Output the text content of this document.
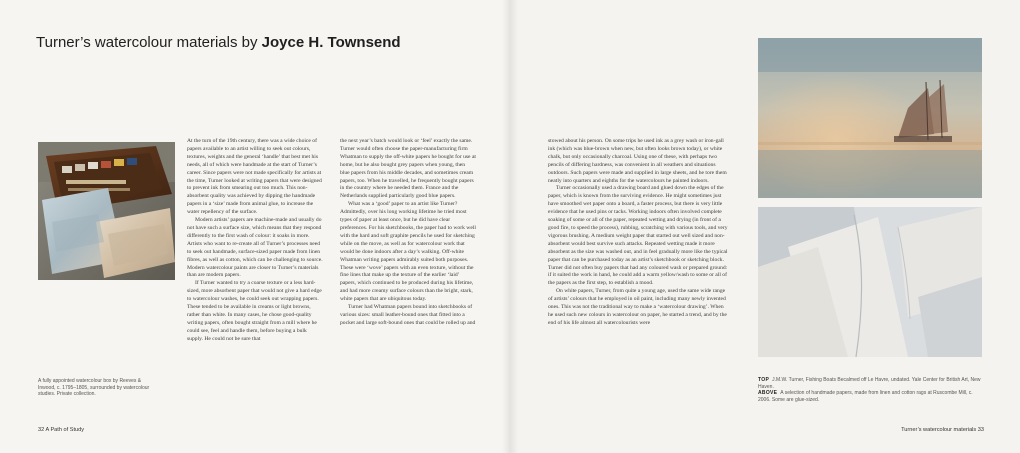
Turner’s watercolour materials by Joyce H. Townsend
A fully appointed watercolour box by Reeves & Inwood, c. 1795–1805, surrounded by watercolour studies. Private collection.

At the turn of the 19th century, there was a wide choice of papers available to an artist willing to seek out colours, textures, weights and the general ‘handle’ that best met his needs, all of which were handmade at the start of Turner’s career. Since papers were not made specifically for artists at the time, Turner looked at writing papers that were designed to prevent ink from smearing out too much. This non-absorbent quality was achieved by dipping the handmade papers in a ‘size’ made from animal glue, to increase the water repellency of the surface.

Modern artists’ papers are machine-made and usually do not have such a surface size, which means that they respond differently to the first wash of colour: it soaks in more. Artists who want to re-create all of Turner’s processes need to seek out handmade, surface-sized paper made from linen fibres, as well as cotton, which can be challenging to source. Modern watercolour paints are closer to Turner’s materials than are modern papers.

If Turner wanted to try a coarse texture or a less hard-sized, more absorbent paper that would not give a hard edge to watercolour washes, he could seek out wrapping papers. These tended to be available in creams or light browns, rather than white. In many cases, he chose good-quality writing papers, often bought straight from a mill where he could see, feel and handle them, before buying a bulk supply. He could not be sure that

the next year’s batch would look or ‘feel’ exactly the same. Turner would often choose the paper-manufacturing firm Whatman to supply the off-white papers he bought for use at home, but he also bought grey papers when young, then blue papers from his middle decades, and sometimes cream papers, too. When he travelled, he frequently bought papers in the country where he needed them. France and the Netherlands supplied particularly good blue papers.

What was a ‘good’ paper to an artist like Turner? Admittedly, over his long working lifetime he tried most types of paper at least once, but he did have clear preferences. For his sketchbooks, the paper had to work well with the hard and soft graphite pencils he used for sketching while on the move, as well as for watercolour work that would be done indoors after a day’s walking. Off-white Whatman writing papers admirably suited both purposes. These were ‘wove’ papers with an even texture, without the fine lines that make up the texture of the earlier ‘laid’ papers, which continued to be produced during his lifetime, and had more creamy surface colours than the bright, stark, white papers that are ubiquitous today.

Turner had Whatman papers bound into sketchbooks of various sizes: small leather-bound ones that fitted into a pocket and large soft-bound ones that could be rolled up and

stowed about his person. On some trips he used ink as a grey wash or iron-gall ink (which was blue-brown when new, but often looks brown today), or white chalk, but only occasionally charcoal. Using one of these, with perhaps two pencils of differing hardness, was convenient in all weathers and situations outdoors. Such papers were made and supplied in large sheets, and he tore them neatly into quarters and eighths for the watercolours he painted indoors.

Turner occasionally used a drawing board and glued down the edges of the paper, which is known from the surviving evidence. He might sometimes just have smoothed wet paper onto a board, a faster process, but there is very little evidence that he used pins or tacks. Working indoors often involved complete soaking of some or all of the paper, repeated wetting and drying (in front of a good fire, to speed the process), rubbing, scratching with various tools, and very vigorous brushing. A medium weight paper that started out well sized and non-absorbent would best survive such attacks. Repeated wetting made it more absorbent as the size was washed out, and in feel gradually more like the typical paper that can be purchased today as an artist’s sketchbook or sketching block. Turner did not often buy papers that had any coloured wash or prepared ground: if it suited the work in hand, he could add a warm yellow/wash to some or all of the papers as the first step, to establish a mood.

On white papers, Turner, from quite a young age, used the same wide range of artists’ colours that he employed in oil paint, including many newly invented ones. This was not the traditional way to make a ‘watercolour drawing’. When he used such new colours in watercolour on paper, he started a trend, and by the end of his life almost all watercolourists were

TOP J.M.W. Turner, Fishing Boats Becalmed off Le Havre, undated. Yale Center for British Art, New Haven.
ABOVE A selection of handmade papers, made from linen and cotton rags at Ruscombe Mill, c. 2006. Some are glue-sized.
32 A Path of Study	Turner’s watercolour materials 33
